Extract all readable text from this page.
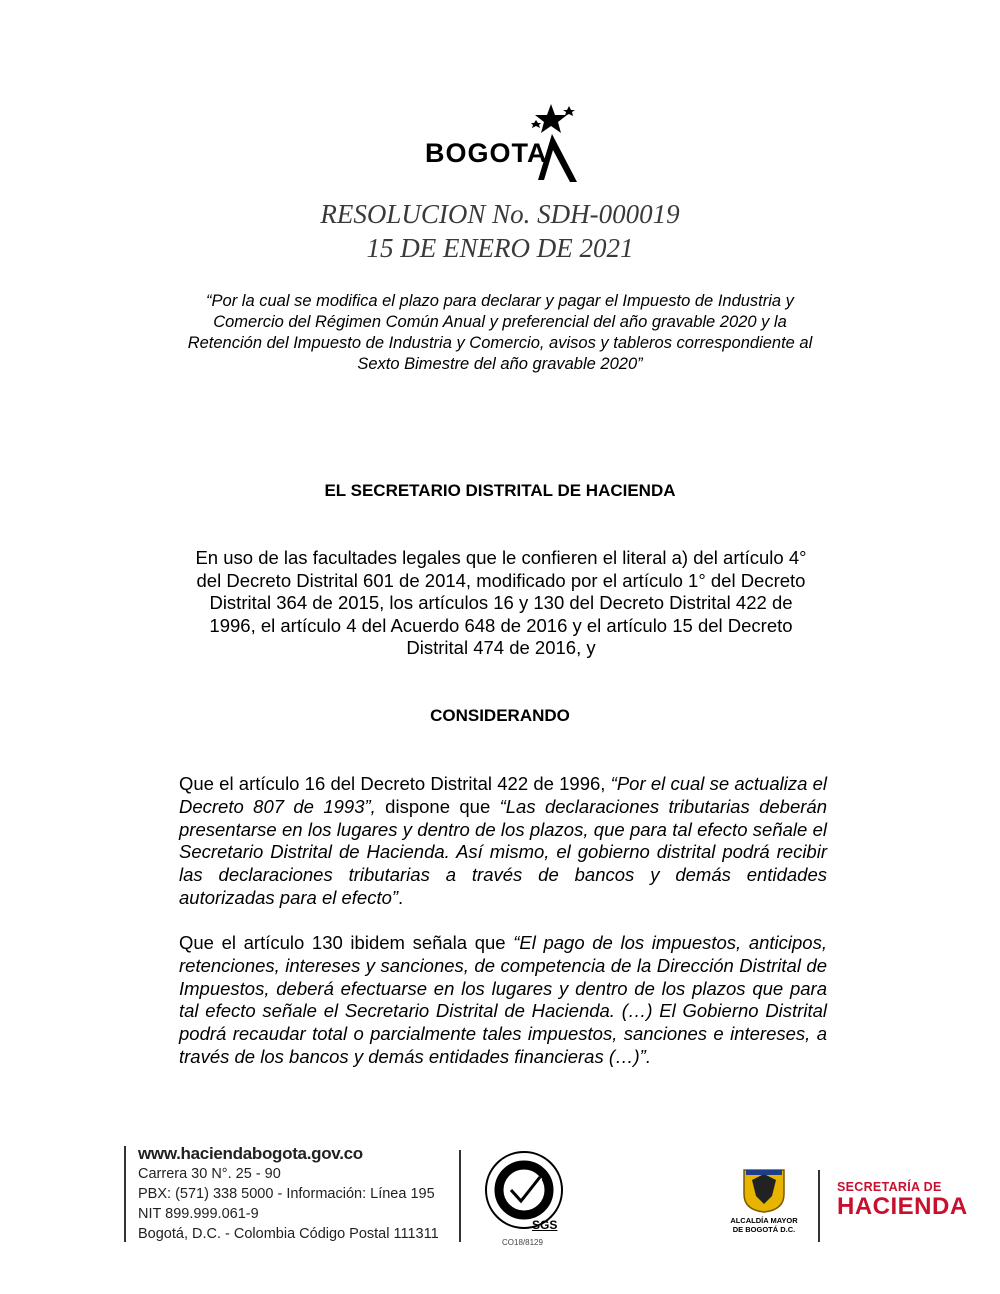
BOGOTA
RESOLUCION No. SDH-000019
15 DE ENERO DE 2021
“Por la cual se modifica el plazo para declarar y pagar el Impuesto de Industria y
Comercio del Régimen Común Anual y preferencial del año gravable 2020 y la
Retención del Impuesto de Industria y Comercio, avisos y tableros correspondiente al
Sexto Bimestre del año gravable 2020”
EL SECRETARIO DISTRITAL DE HACIENDA
En uso de las facultades legales que le confieren el literal a) del artículo 4°
del Decreto Distrital 601 de 2014, modificado por el artículo 1° del Decreto
Distrital 364 de 2015, los artículos 16 y 130 del Decreto Distrital 422 de
1996, el artículo 4 del Acuerdo 648 de 2016 y el artículo 15 del Decreto
Distrital 474 de 2016, y
CONSIDERANDO
Que el artículo 16 del Decreto Distrital 422 de 1996, “Por el cual se actualiza el Decreto 807 de 1993”, dispone que “Las declaraciones tributarias deberán presentarse en los lugares y dentro de los plazos, que para tal efecto señale el Secretario Distrital de Hacienda. Así mismo, el gobierno distrital podrá recibir las declaraciones tributarias a través de bancos y demás entidades autorizadas para el efecto”.
Que el artículo 130 ibidem señala que “El pago de los impuestos, anticipos, retenciones, intereses y sanciones, de competencia de la Dirección Distrital de Impuestos, deberá efectuarse en los lugares y dentro de los plazos que para tal efecto señale el Secretario Distrital de Hacienda. (…) El Gobierno Distrital podrá recaudar total o parcialmente tales impuestos, sanciones e intereses, a través de los bancos y demás entidades financieras (…)”.
www.haciendabogota.gov.co
Carrera 30 N°. 25 - 90
PBX: (571) 338 5000 - Información: Línea 195
NIT 899.999.061-9
Bogotá, D.C. - Colombia Código Postal 111311
SGS
CO18/8129
ALCALDÍA MAYOR
DE BOGOTÁ D.C.
SECRETARÍA DE
HACIENDA
